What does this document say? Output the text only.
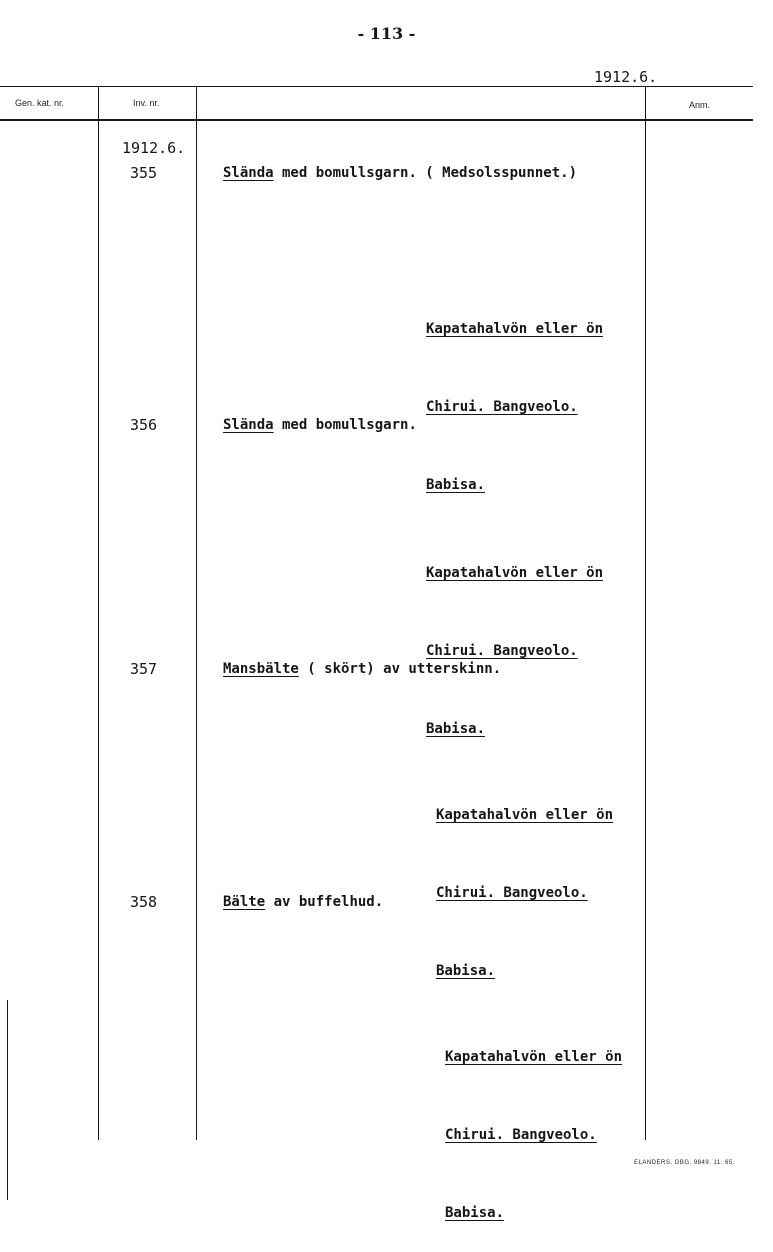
- 113 -
1912.6.
Gen. kat. nr.	Inv. nr.	Anm.
1912.6.
355	Slända med bomullsgarn. ( Medsolsspunnet.)

Kapatahalvön eller ön

Chirui. Bangveolo.

Babisa.

356	Slända med bomullsgarn.

Kapatahalvön eller ön

Chirui. Bangveolo.

Babisa.

357	Mansbälte ( skört) av utterskinn.

Kapatahalvön eller ön

Chirui. Bangveolo.

Babisa.

358	Bälte av buffelhud.

Kapatahalvön eller ön

Chirui. Bangveolo.

Babisa.

ELANDERS. GBG. 9849. 11. 65.
